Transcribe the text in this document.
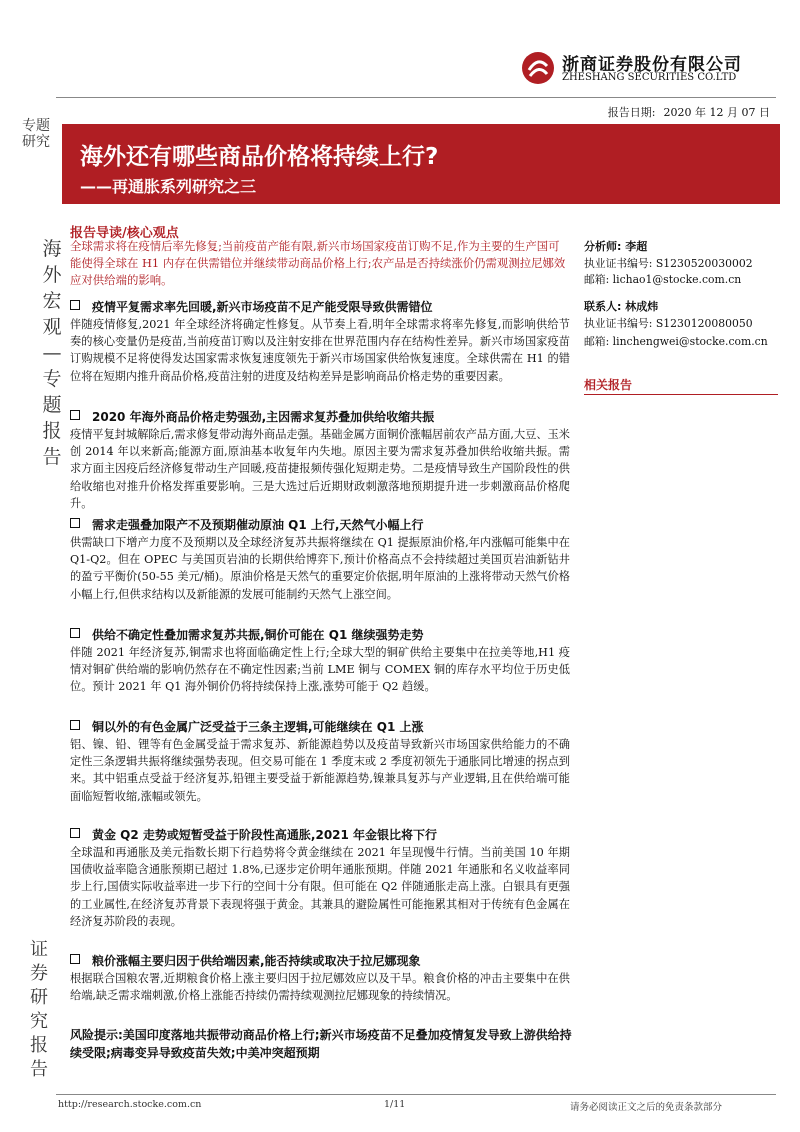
浙商证券股份有限公司
ZHESHANG SECURITIES CO.LTD
报告日期: 2020 年 12 月 07 日
专题研究
海外宏观—专题报告
证券研究报告
海外还有哪些商品价格将持续上行?
——再通胀系列研究之三
报告导读/核心观点
全球需求将在疫情后率先修复;当前疫苗产能有限,新兴市场国家疫苗订购不足,作为主要的生产国可能使得全球在 H1 内存在供需错位并继续带动商品价格上行;农产品是否持续涨价仍需观测拉尼娜效应对供给端的影响。
疫情平复需求率先回暖,新兴市场疫苗不足产能受限导致供需错位
伴随疫情修复,2021 年全球经济将确定性修复。从节奏上看,明年全球需求将率先修复,而影响供给节奏的核心变量仍是疫苗,当前疫苗订购以及注射安排在世界范围内存在结构性差异。新兴市场国家疫苗订购规模不足将使得发达国家需求恢复速度领先于新兴市场国家供给恢复速度。全球供需在 H1 的错位将在短期内推升商品价格,疫苗注射的进度及结构差异是影响商品价格走势的重要因素。
2020 年海外商品价格走势强劲,主因需求复苏叠加供给收缩共振
疫情平复封城解除后,需求修复带动海外商品走强。基础金属方面铜价涨幅居前农产品方面,大豆、玉米创 2014 年以来新高;能源方面,原油基本收复年内失地。原因主要为需求复苏叠加供给收缩共振。需求方面主因疫后经济修复带动生产回暖,疫苗捷报频传强化短期走势。二是疫情导致生产国阶段性的供给收缩也对推升价格发挥重要影响。三是大选过后近期财政刺激落地预期提升进一步刺激商品价格爬升。
需求走强叠加限产不及预期催动原油 Q1 上行,天然气小幅上行
供需缺口下增产力度不及预期以及全球经济复苏共振将继续在 Q1 提振原油价格,年内涨幅可能集中在 Q1-Q2。但在 OPEC 与美国页岩油的长期供给博弈下,预计价格高点不会持续超过美国页岩油新钻井的盈亏平衡价(50-55 美元/桶)。原油价格是天然气的重要定价依据,明年原油的上涨将带动天然气价格小幅上行,但供求结构以及新能源的发展可能制约天然气上涨空间。
供给不确定性叠加需求复苏共振,铜价可能在 Q1 继续强势走势
伴随 2021 年经济复苏,铜需求也将面临确定性上行;全球大型的铜矿供给主要集中在拉美等地,H1 疫情对铜矿供给端的影响仍然存在不确定性因素;当前 LME 铜与 COMEX 铜的库存水平均位于历史低位。预计 2021 年 Q1 海外铜价仍将持续保持上涨,涨势可能于 Q2 趋缓。
铜以外的有色金属广泛受益于三条主逻辑,可能继续在 Q1 上涨
铝、镍、铅、锂等有色金属受益于需求复苏、新能源趋势以及疫苗导致新兴市场国家供给能力的不确定性三条逻辑共振将继续强势表现。但交易可能在 1 季度末或 2 季度初领先于通胀同比增速的拐点到来。其中铝重点受益于经济复苏,铅锂主要受益于新能源趋势,镍兼具复苏与产业逻辑,且在供给端可能面临短暂收缩,涨幅或领先。
黄金 Q2 走势或短暂受益于阶段性高通胀,2021 年金银比将下行
全球温和再通胀及美元指数长期下行趋势将令黄金继续在 2021 年呈现慢牛行情。当前美国 10 年期国债收益率隐含通胀预期已超过 1.8%,已逐步定价明年通胀预期。伴随 2021 年通胀和名义收益率同步上行,国债实际收益率进一步下行的空间十分有限。但可能在 Q2 伴随通胀走高上涨。白银具有更强的工业属性,在经济复苏背景下表现将强于黄金。其兼具的避险属性可能拖累其相对于传统有色金属在经济复苏阶段的表现。
粮价涨幅主要归因于供给端因素,能否持续或取决于拉尼娜现象
根据联合国粮农署,近期粮食价格上涨主要归因于拉尼娜效应以及干旱。粮食价格的冲击主要集中在供给端,缺乏需求端刺激,价格上涨能否持续仍需持续观测拉尼娜现象的持续情况。
风险提示:美国印度落地共振带动商品价格上行;新兴市场疫苗不足叠加疫情复发导致上游供给持续受限;病毒变异导致疫苗失效;中美冲突超预期
分析师: 李超
执业证书编号: S1230520030002
邮箱: lichao1@stocke.com.cn
联系人: 林成炜
执业证书编号: S1230120080050
邮箱: linchengwei@stocke.com.cn
相关报告
http://research.stocke.com.cn	1/11	请务必阅读正文之后的免责条款部分
